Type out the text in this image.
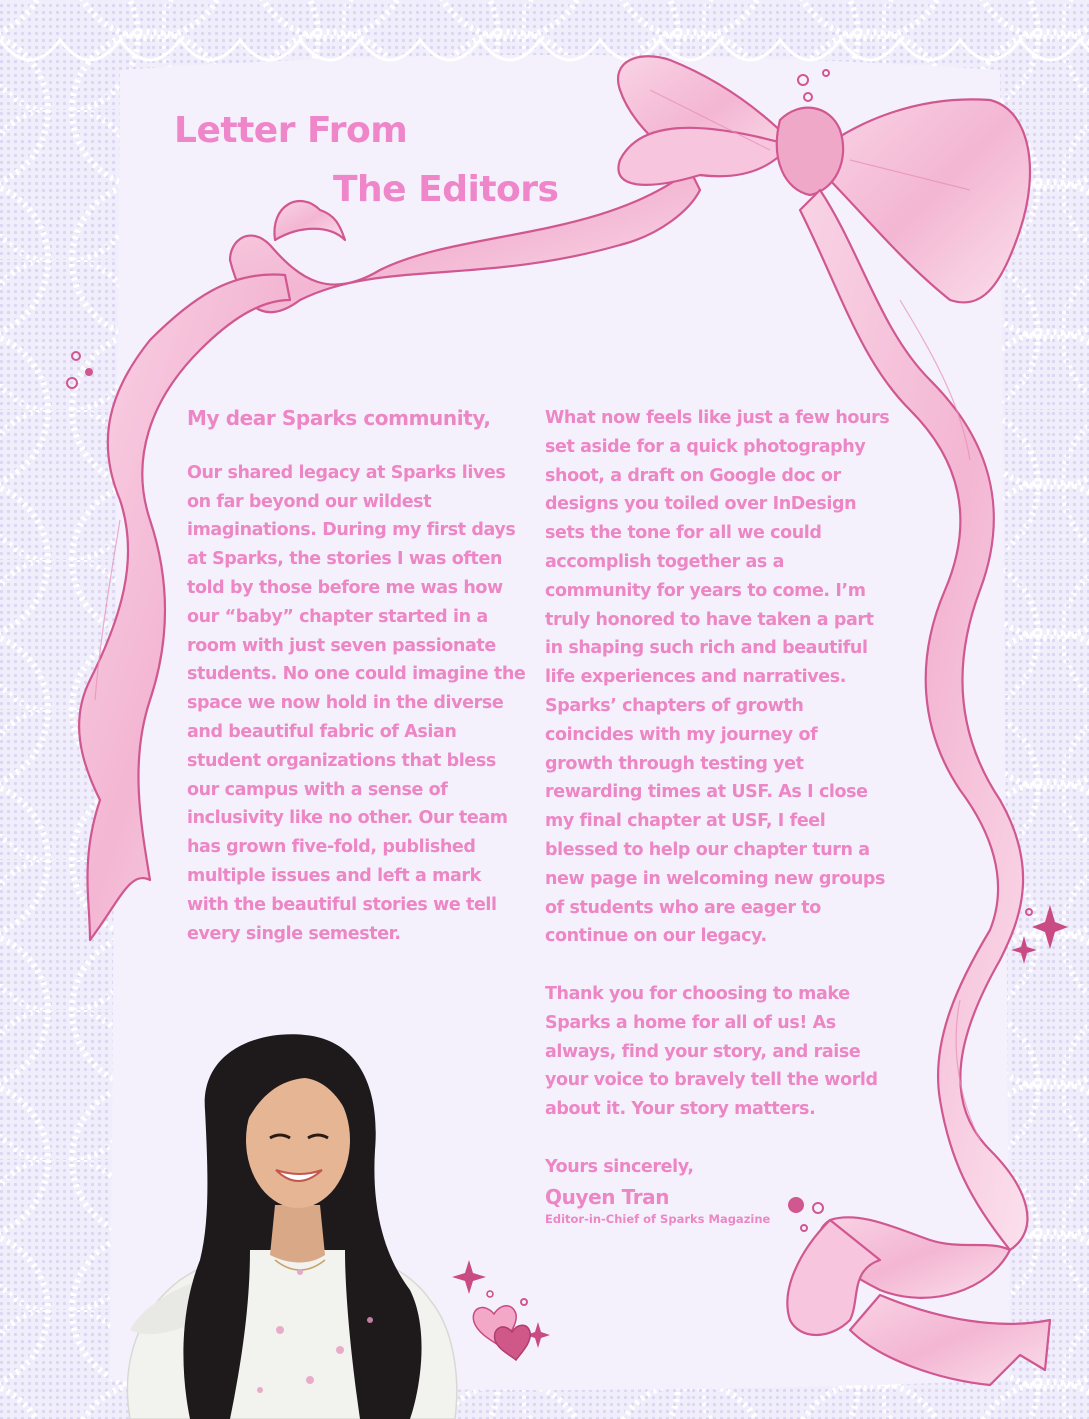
Letter From
The Editors

My dear Sparks community,

Our shared legacy at Sparks lives on far beyond our wildest imaginations. During my first days at Sparks, the stories I was often told by those before me was how our “baby” chapter started in a room with just seven passionate students. No one could imagine the space we now hold in the diverse and beautiful fabric of Asian student organizations that bless our campus with a sense of inclusivity like no other. Our team has grown five-fold, published multiple issues and left a mark with the beautiful stories we tell every single semester.

What now feels like just a few hours set aside for a quick photography shoot, a draft on Google doc or designs you toiled over InDesign sets the tone for all we could accomplish together as a community for years to come. I’m truly honored to have taken a part in shaping such rich and beautiful life experiences and narratives. Sparks’ chapters of growth coincides with my journey of growth through testing yet rewarding times at USF. As I close my final chapter at USF, I feel blessed to help our chapter turn a new page in welcoming new groups of students who are eager to continue on our legacy.

Thank you for choosing to make Sparks a home for all of us! As always, find your story, and raise your voice to bravely tell the world about it. Your story matters.

Yours sincerely,

Quyen Tran

Editor-in-Chief of Sparks Magazine
